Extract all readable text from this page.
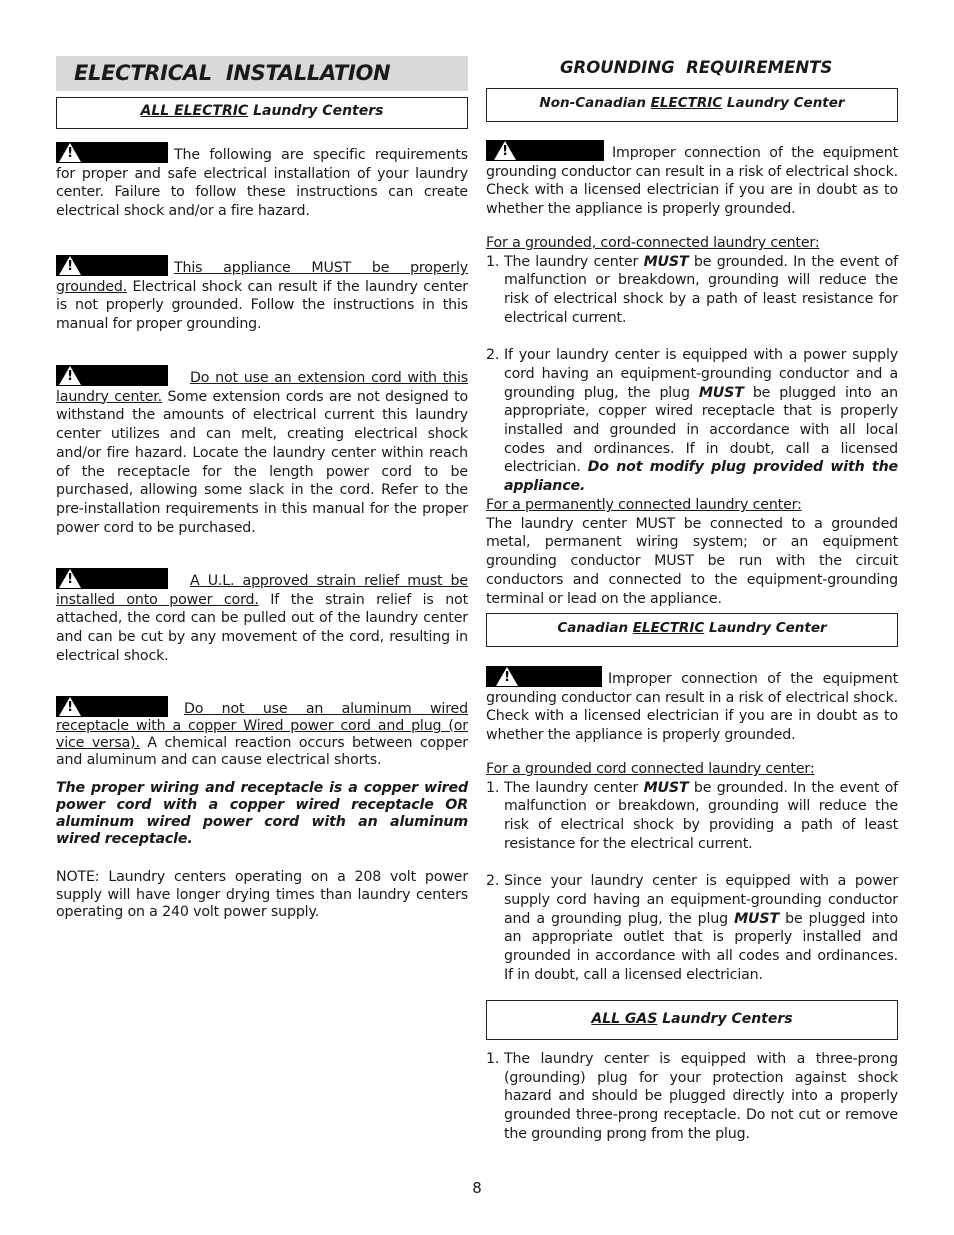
ELECTRICAL  INSTALLATION
ALL ELECTRIC Laundry Centers

!	The following are specific requirements for proper and safe electrical installation of your laundry center. Failure to follow these instructions can create electrical shock and/or a fire hazard.

!	This appliance MUST be properly grounded. Electrical shock can result if the laundry center is not properly grounded. Follow the instructions in this manual for proper grounding.

!	Do not use an extension cord with this laundry center. Some extension cords are not designed to withstand the amounts of electrical current this laundry center utilizes and can melt, creating electrical shock and/or fire hazard. Locate the laundry center within reach of the receptacle for the length power cord to be purchased, allowing some slack in the cord. Refer to the pre-installation requirements in this manual for the proper power cord to be purchased.

!	A U.L. approved strain relief must be installed onto power cord. If the strain relief is not attached, the cord can be pulled out of the laundry center and can be cut by any movement of the cord, resulting in electrical shock.

!	Do not use an aluminum wired receptacle with a copper Wired power cord and plug (or vice versa). A chemical reaction occurs between copper and aluminum and can cause electrical shorts.

The proper wiring and receptacle is a copper wired power cord with a copper wired receptacle OR aluminum wired power cord with an aluminum wired receptacle.

NOTE: Laundry centers operating on a 208 volt power supply will have longer drying times than laundry centers operating on a 240 volt power supply.

GROUNDING  REQUIREMENTS
Non-Canadian ELECTRIC Laundry Center

!	Improper connection of the equipment grounding conductor can result in a risk of electrical shock. Check with a licensed electrician if you are in doubt as to whether the appliance is properly grounded.

For a grounded, cord-connected laundry center:

1. The laundry center MUST be grounded. In the event of malfunction or breakdown, grounding will reduce the risk of electrical shock by a path of least resistance for electrical current.
2. If your laundry center is equipped with a power supply cord having an equipment-grounding conductor and a grounding plug, the plug MUST be plugged into an appropriate, copper wired receptacle that is properly installed and grounded in accordance with all local codes and ordinances. If in doubt, call a licensed electrician. Do not modify plug provided with the appliance.

For a permanently connected laundry center:

The laundry center MUST be connected to a grounded metal, permanent wiring system; or an equipment grounding conductor MUST be run with the circuit conductors and connected to the equipment-grounding terminal or lead on the appliance.

Canadian ELECTRIC Laundry Center

!	Improper connection of the equipment grounding conductor can result in a risk of electrical shock. Check with a licensed electrician if you are in doubt as to whether the appliance is properly grounded.

For a grounded cord connected laundry center:

1. The laundry center MUST be grounded. In the event of malfunction or breakdown, grounding will reduce the risk of electrical shock by providing a path of least resistance for the electrical current.
2. Since your laundry center is equipped with a power supply cord having an equipment-grounding conductor and a grounding plug, the plug MUST be plugged into an appropriate outlet that is properly installed and grounded in accordance with all codes and ordinances. If in doubt, call a licensed electrician.
ALL GAS Laundry Centers
1. The laundry center is equipped with a three-prong (grounding) plug for your protection against shock hazard and should be plugged directly into a properly grounded three-prong receptacle. Do not cut or remove the grounding prong from the plug.
8
